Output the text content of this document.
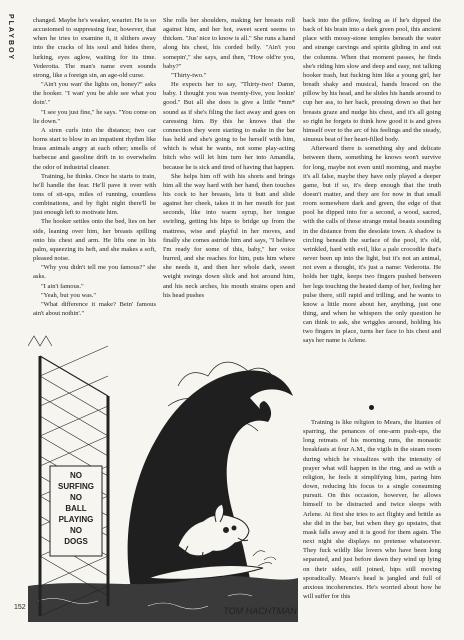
PLAYBOY	changed. Maybe he's weaker, wearier. He is so accustomed to suppressing fear, however, that when he tries to examine it, it slithers away into the cracks of his soul and hides there, lurking, eyes aglow, waiting for its time. Vederotta. The man's name even sounds strong, like a foreign sin, an age-old curse.

"Ain't you wan' the lights on, honey?" asks the hooker. "I wan' you be able see what you doin'."

"I see you just fine," he says. "You come on lie down."

A siren curls into the distance; two car horns start to blow in an impatient rhythm like brass animals angry at each other; smells of barbecue and gasoline drift in to overwhelm the odor of industrial cleaner.

Training, he thinks. Once he starts to train, he'll handle the fear. He'll pave it over with tons of sit-ups, miles of running, countless combinations, and by fight night there'll be just enough left to motivate him.

The hooker settles onto the bed, lies on her side, leaning over him, her breasts spilling onto his chest and arm. He lifts one in his palm, squeezing its heft, and she makes a soft, pleased noise.

"Why you didn't tell me you famous?" she asks.

"I ain't famous."

"Yeah, but you was."

"What difference it make? Bein' famous ain't about nothin'."

She rolls her shoulders, making her breasts roll against him, and her hot, sweet scent seems to thicken. "Jus' nice to know is all." She runs a hand along his chest, his corded belly. "Ain't you somepin'," she says, and then, "How old're you, baby?"

"Thirty-two."

He expects her to say, "Thirty-two! Damn, baby. I thought you was twenty-five, you lookin' good." But all she does is give a little *mm* sound as if she's filing the fact away and goes on caressing him. By this he knows that the connection they were starting to make in the bar has held and she's going to be herself with him, which is what he wants, not some play-acting bitch who will let him turn her into Amandla, because he is sick and tired of having that happen.

She helps him off with his shorts and brings him all the way hard with her hand, then touches his cock to her breasts, lets it butt and slide against her cheek, takes it in her mouth for just seconds, like into warm syrup, her tongue swirling, getting his hips to bridge up from the mattress, wise and playful in her moves, and finally she comes astride him and says, "I believe I'm ready for some of this, baby," her voice burred, and she reaches for him, puts him where she needs it, and then her whole dark, sweet weight swings down slick and hot around him, and his neck arches, his mouth strains open and his head pushes

back into the pillow, feeling as if he's dipped the back of his brain into a dark green pool, this ancient place with mossy-stone temples beneath the water and strange carvings and spirits gliding in and out the columns. When that moment passes, he finds she's riding him slow and deep and easy, not talking hooker trash, but fucking him like a young girl, her breath shaky and musical, hands braced on the pillow by his head, and he slides his hands around to cup her ass, to her back, pressing down so that her breasts graze and nudge his chest, and it's all going so right he forgets to think how good it is and gives himself over to the arc of his feelings and the steady, sinuous beat of her heart-filled body.

Afterward there is something shy and delicate between them, something he knows won't survive for long, maybe not even until morning, and maybe it's all false, maybe they have only played a deeper game, but if so, it's deep enough that the truth doesn't matter, and they are for now in that small room somewhere dark and green, the edge of that pool he dipped into for a second, a wood, sacred, with the calls of those strange metal beasts sounding in the distance from the desolate town. A shadow is circling beneath the surface of the pool, it's old, wrinkled, hard with evil, like a pale crocodile that's never been up into the light, but it's not an animal, not even a thought, it's just a name: Vederotta. He holds her tight, keeps two fingers pushed between her legs touching the heated damp of her, feeling her pulse there, still rapid and trilling, and he wants to know a little more about her, anything, just one thing, and when he whispers the only question he can think to ask, she wriggles around, holding his two fingers in place, turns her face to his chest and says her name is Arlene.

Training is like religion to Mears, the litanies of sparring, the penances of one-arm push-ups, the long retreats of his morning runs, the monastic breakfasts at four A.M., the vigils in the steam room during which he visualizes with the intensity of prayer what will happen in the ring, and as with a religion, he feels it simplifying him, paring him down, reducing his focus to a single consuming pursuit. On this occasion, however, he allows himself to be distracted and twice sleeps with Arlene. At first she tries to act flighty and brittle as she did in the bar, but when they go upstairs, that mask falls away and it is good for them again. The next night she displays no pretense whatsoever. They fuck wildly like lovers who have been long separated, and just before dawn they wind up lying on their sides, still joined, hips still moving sporadically. Mears's head is jangled and full of anxious incoherencies. He's worried about how he will suffer for this

NO
SURFING
NO
BALL
PLAYING
NO
DOGS
TOM HACHTMAN
152
